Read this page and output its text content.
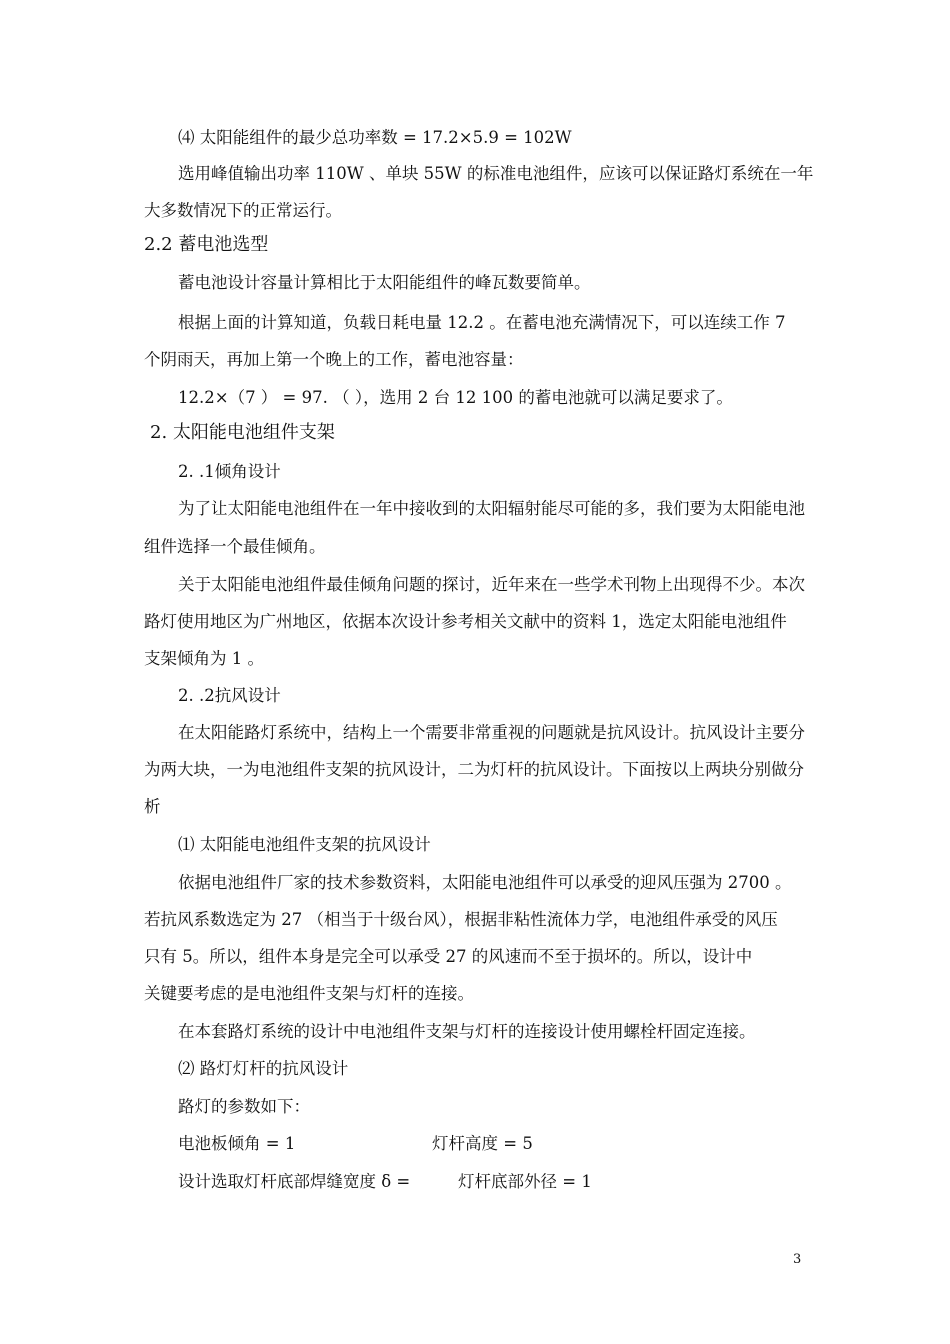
⑷ 太阳能组件的最少总功率数 = 17.2×5.9 = 102W
选用峰值输出功率 110W 、单块 55W 的标准电池组件，应该可以保证路灯系统在一年
大多数情况下的正常运行。
2.2 蓄电池选型
蓄电池设计容量计算相比于太阳能组件的峰瓦数要简单。
根据上面的计算知道，负载日耗电量 12.2 。在蓄电池充满情况下，可以连续工作 7
个阴雨天，再加上第一个晚上的工作，蓄电池容量：
12.2×（7 ） = 97. （ ），选用 2 台 12 100 的蓄电池就可以满足要求了。
2. 太阳能电池组件支架
2. .1倾角设计
为了让太阳能电池组件在一年中接收到的太阳辐射能尽可能的多，我们要为太阳能电池
组件选择一个最佳倾角。
关于太阳能电池组件最佳倾角问题的探讨，近年来在一些学术刊物上出现得不少。本次
路灯使用地区为广州地区，依据本次设计参考相关文献中的资料 1，选定太阳能电池组件
支架倾角为 1 。
2. .2抗风设计
在太阳能路灯系统中，结构上一个需要非常重视的问题就是抗风设计。抗风设计主要分
为两大块，一为电池组件支架的抗风设计，二为灯杆的抗风设计。下面按以上两块分别做分
析
⑴ 太阳能电池组件支架的抗风设计
依据电池组件厂家的技术参数资料，太阳能电池组件可以承受的迎风压强为 2700 。
若抗风系数选定为 27 （相当于十级台风），根据非粘性流体力学，电池组件承受的风压
只有 5。所以，组件本身是完全可以承受 27 的风速而不至于损坏的。所以，设计中
关键要考虑的是电池组件支架与灯杆的连接。
在本套路灯系统的设计中电池组件支架与灯杆的连接设计使用螺栓杆固定连接。
⑵ 路灯灯杆的抗风设计
路灯的参数如下：
电池板倾角 = 1	灯杆高度 = 5
设计选取灯杆底部焊缝宽度 δ =	灯杆底部外径 = 1
3
